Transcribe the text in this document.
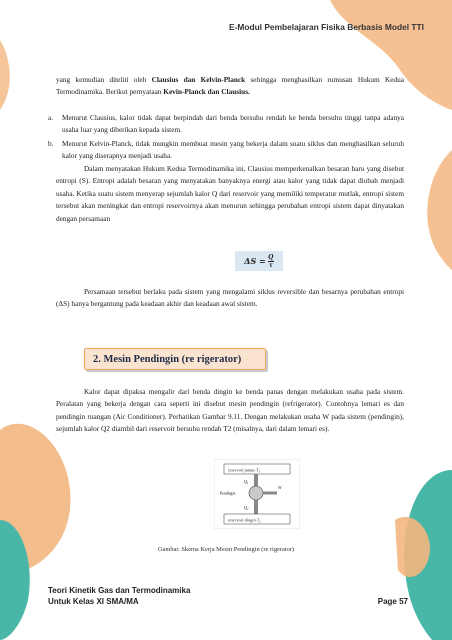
E-Modul Pembelajaran Fisika Berbasis Model TTI

yang kemudian diteliti oleh Clausius dan Kelvin-Planck sehingga menghasilkan rumusan Hukum Kedua Termodinamika. Berikut pernyataan Kevin-Planck dan Clausius.

a.	Menurut Clausius, kalor tidak dapat berpindah dari benda bersuhu rendah ke benda bersuhu tinggi tanpa adanya usaha luar yang diberikan kepada sistem.
b.	Menurut Kelvin-Planck, tidak mungkin membuat mesin yang bekerja dalam suatu siklus dan menghasilkan seluruh kalor yang diserapnya menjadi usaha.

Dalam menyatakan Hukum Kedua Termodinamika ini, Clausius memperkenalkan besaran baru yang disebut entropi (S). Entropi adalah besaran yang menyatakan banyaknya energi atau kalor yang tidak dapat diubah menjadi usaha. Ketika suatu sistem menyerap sejumlah kalor Q dari reservoir yang memiliki temperatur mutlak, entropi sistem tersebut akan meningkat dan entropi reservoirnya akan menurun sehingga perubahan entropi sistem dapat dinyatakan dengan persamaan

$\Delta S = \frac{Q}{\tau}$

Persamaan tersebut berlaku pada sistem yang mengalami siklus reversible dan besarnya perubahan entropi (ΔS) hanya bergantung pada keadaan akhir dan keadaan awal sistem.

2. Mesin Pendingin (re rigerator)

Kalor dapat dipaksa mengalir dari benda dingin ke benda panas dengan melakukan usaha pada sistem. Peralatan yang bekerja dengan cara seperti ini disebut mesin pendingin (refrigerator). Contohnya lemari es dan pendingin ruangan (Air Conditioner). Perhatikan Gambar 9.11. Dengan melakukan usaha W pada sistem (pendingin), sejumlah kalor Q2 diambil dari reservoir bersuhu rendah T2 (misalnya, dari dalam lemari es).

reservoir panas $T_1$
$Q_1$
Pendingin
W
$Q_2$
reservoir dingin $T_2$
Gambar. Skema Kerja Mesin Pendingin (re rigerator)
Teori Kinetik Gas dan Termodinamika
Untuk Kelas XI SMA/MA	Page 57
